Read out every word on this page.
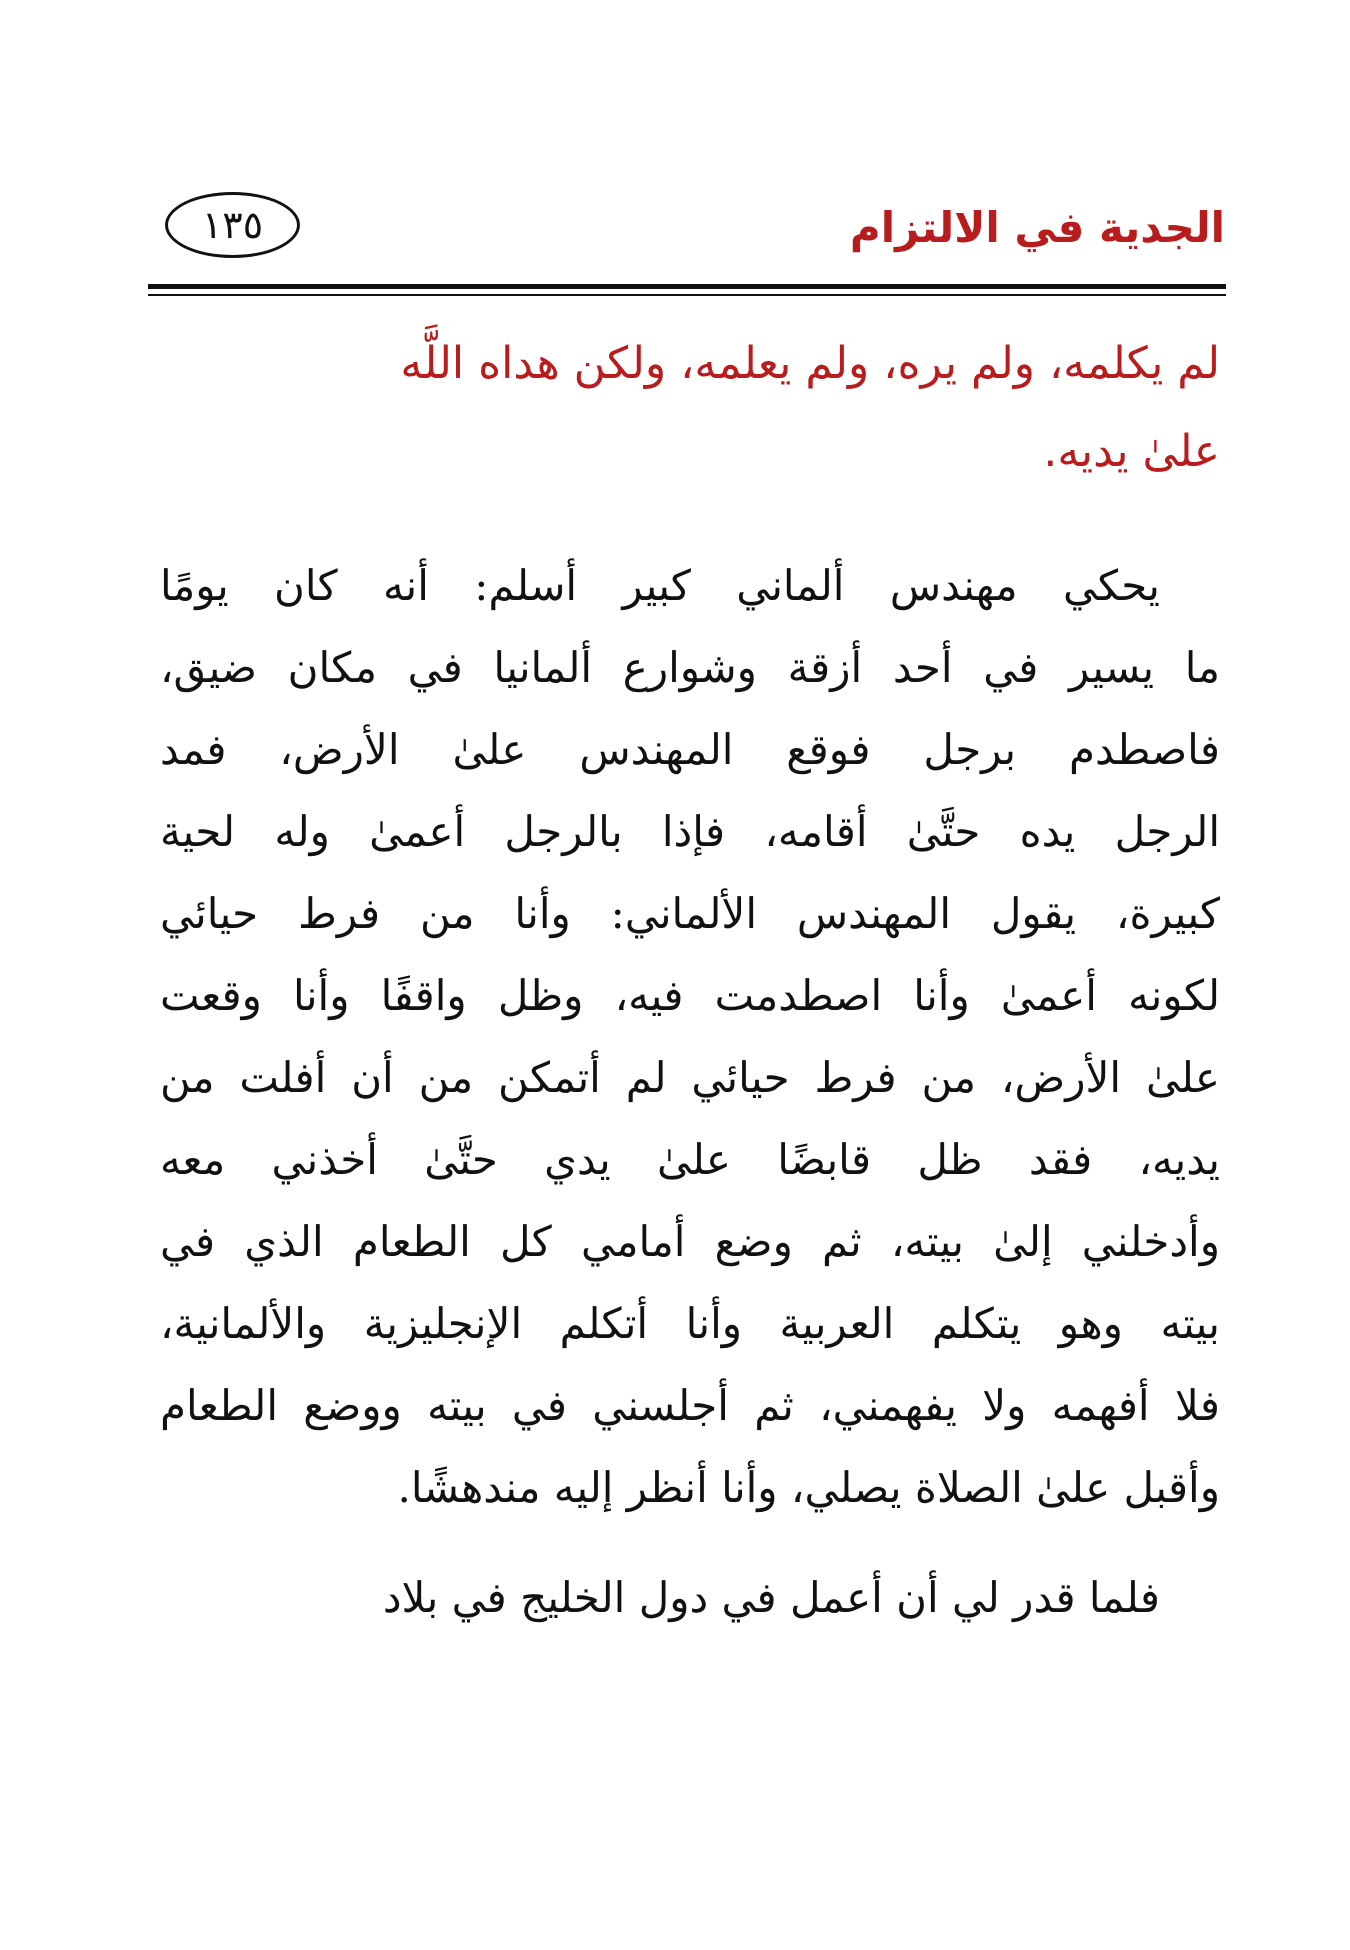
الجدية في الالتزام
١٣٥
لم يكلمه، ولم يره، ولم يعلمه، ولكن هداه اللَّه
علىٰ يديه.
يحكي مهندس ألماني كبير أسلم: أنه كان يومًا
ما يسير في أحد أزقة وشوارع ألمانيا في مكان ضيق،
فاصطدم برجل فوقع المهندس علىٰ الأرض، فمد
الرجل يده حتَّىٰ أقامه، فإذا بالرجل أعمىٰ وله لحية
كبيرة، يقول المهندس الألماني: وأنا من فرط حيائي
لكونه أعمىٰ وأنا اصطدمت فيه، وظل واقفًا وأنا وقعت
علىٰ الأرض، من فرط حيائي لم أتمكن من أن أفلت من
يديه، فقد ظل قابضًا علىٰ يدي حتَّىٰ أخذني معه
وأدخلني إلىٰ بيته، ثم وضع أمامي كل الطعام الذي في
بيته وهو يتكلم العربية وأنا أتكلم الإنجليزية والألمانية،
فلا أفهمه ولا يفهمني، ثم أجلسني في بيته ووضع الطعام
وأقبل علىٰ الصلاة يصلي، وأنا أنظر إليه مندهشًا.
فلما قدر لي أن أعمل في دول الخليج في بلاد
